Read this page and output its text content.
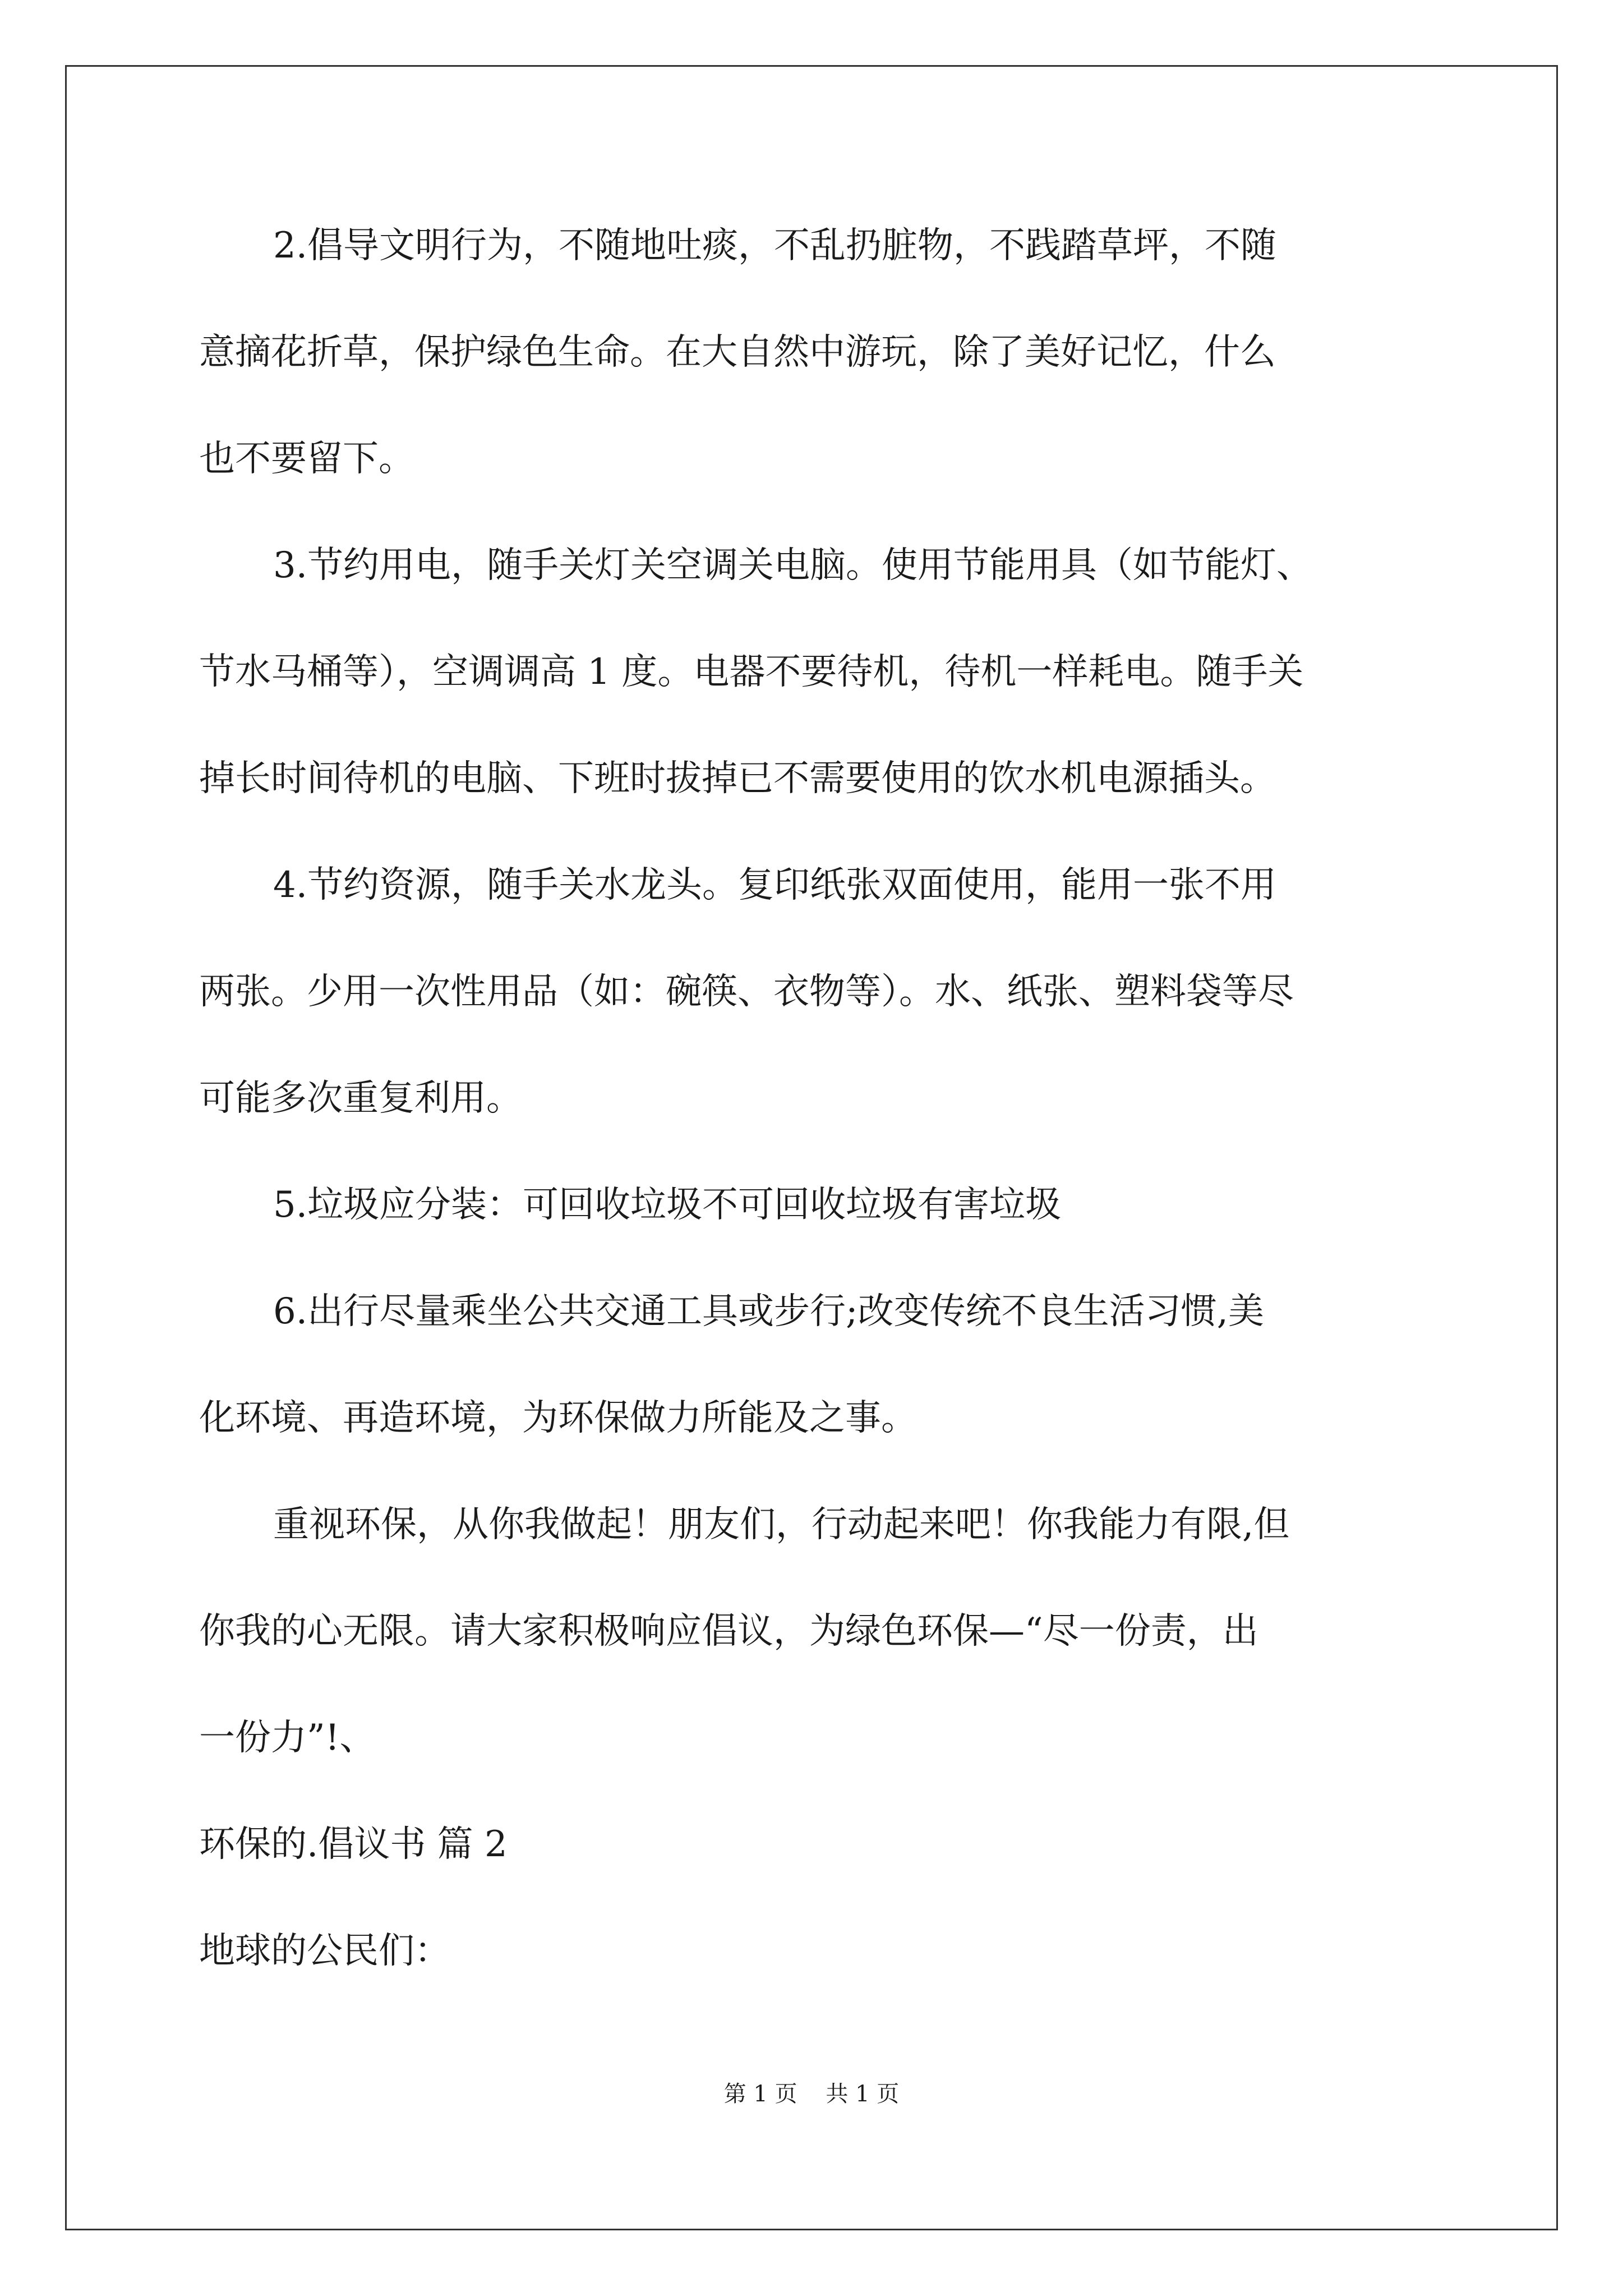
2.倡导文明行为，不随地吐痰，不乱扔脏物，不践踏草坪，不随
意摘花折草，保护绿色生命。在大自然中游玩，除了美好记忆，什么
也不要留下。
3.节约用电，随手关灯关空调关电脑。使用节能用具（如节能灯、
节水马桶等），空调调高 1 度。电器不要待机，待机一样耗电。随手关
掉长时间待机的电脑、下班时拔掉已不需要使用的饮水机电源插头。
4.节约资源，随手关水龙头。复印纸张双面使用，能用一张不用
两张。少用一次性用品（如：碗筷、衣物等）。水、纸张、塑料袋等尽
可能多次重复利用。
5.垃圾应分装：可回收垃圾不可回收垃圾有害垃圾
6.出行尽量乘坐公共交通工具或步行;改变传统不良生活习惯,美
化环境、再造环境，为环保做力所能及之事。
重视环保，从你我做起！朋友们，行动起来吧！你我能力有限,但
你我的心无限。请大家积极响应倡议，为绿色环保—“尽一份责，出
一份力”!、
环保的.倡议书 篇 2
地球的公民们：
第 1 页    共 1 页
